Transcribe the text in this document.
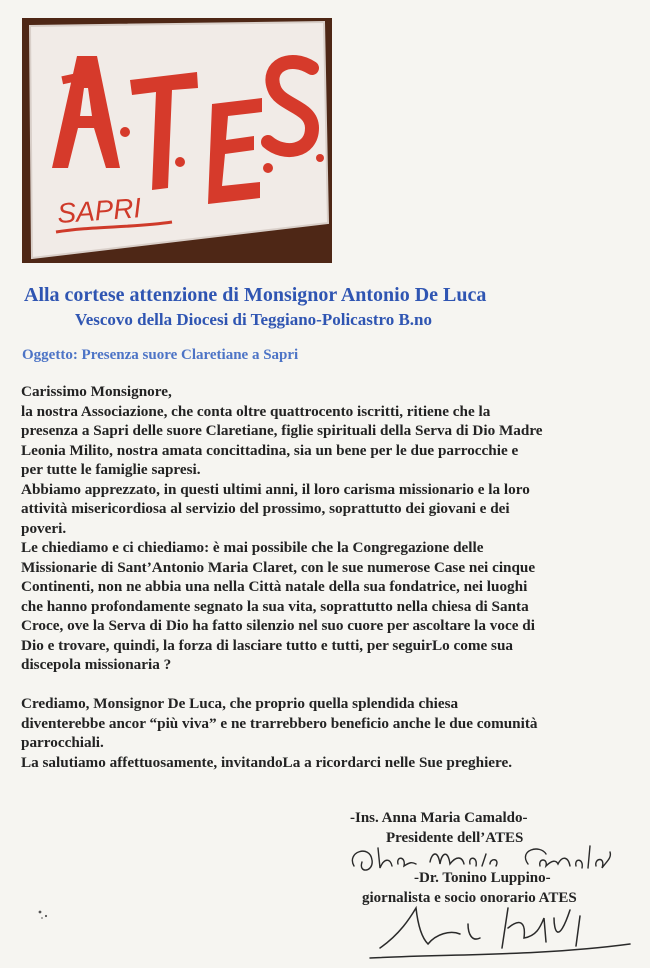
SAPRI
Alla cortese attenzione di Monsignor Antonio De Luca
Vescovo della Diocesi di Teggiano-Policastro B.no
Oggetto: Presenza suore Claretiane a Sapri

Carissimo Monsignore,

la nostra Associazione, che conta oltre quattrocento iscritti, ritiene che la

presenza a Sapri delle suore Claretiane, figlie spirituali della Serva di Dio Madre

Leonia Milito, nostra amata concittadina, sia un bene per le due parrocchie e

per tutte le famiglie sapresi.

Abbiamo apprezzato, in questi ultimi anni, il loro carisma missionario e la loro

attività misericordiosa al servizio del prossimo, soprattutto dei giovani e dei

poveri.

Le chiediamo e ci chiediamo: è mai possibile che la Congregazione delle

Missionarie di Sant’Antonio Maria Claret, con le sue numerose Case nei cinque

Continenti, non ne abbia una nella Città natale della sua fondatrice, nei luoghi

che hanno profondamente segnato la sua vita, soprattutto nella chiesa di Santa

Croce, ove la Serva di Dio ha fatto silenzio nel suo cuore per ascoltare la voce di

Dio e trovare, quindi, la forza di lasciare tutto e tutti, per seguirLo come sua

discepola missionaria ?

Crediamo, Monsignor De Luca, che proprio quella splendida chiesa

diventerebbe ancor “più viva” e ne trarrebbero beneficio anche le due comunità

parrocchiali.

La salutiamo affettuosamente, invitandoLa a ricordarci nelle Sue preghiere.

-Ins. Anna Maria Camaldo-
Presidente dell’ATES
-Dr. Tonino Luppino-
giornalista e socio onorario ATES
